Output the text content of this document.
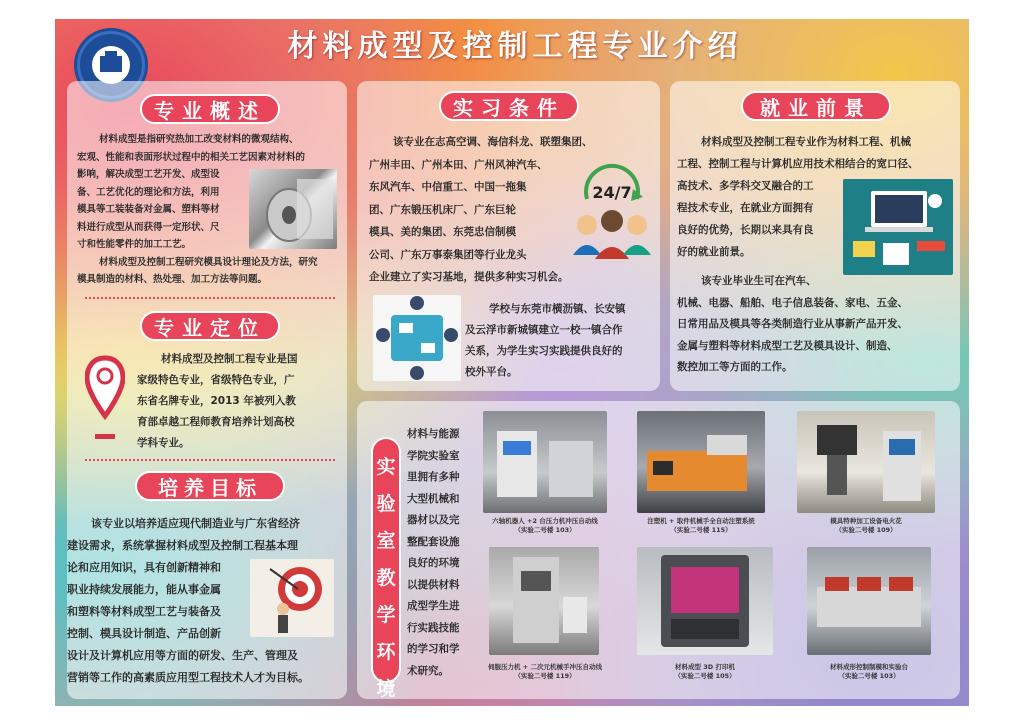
材料成型及控制工程专业介绍
专业概述
材料成型是指研究热加工改变材料的微观结构、
宏观、性能和表面形状过程中的相关工艺因素对材料的
影响，解决成型工艺开发、成型设
备、工艺优化的理论和方法，利用
模具等工装装备对金属、塑料等材
料进行成型从而获得一定形状、尺
寸和性能零件的加工工艺。
材料成型及控制工程研究模具设计理论及方法，研究
模具制造的材料、热处理、加工方法等问题。
专业定位
材料成型及控制工程专业是国
家级特色专业，省级特色专业，广
东省名牌专业，2013 年被列入教
育部卓越工程师教育培养计划高校
学科专业。
培养目标
该专业以培养适应现代制造业与广东省经济
建设需求，系统掌握材料成型及控制工程基本理
论和应用知识，具有创新精神和
职业持续发展能力，能从事金属
和塑料等材料成型工艺与装备及
控制、模具设计制造、产品创新
设计及计算机应用等方面的研发、生产、管理及
营销等工作的高素质应用型工程技术人才为目标。
实习条件
该专业在志高空调、海信科龙、联塑集团、
广州丰田、广州本田、广州风神汽车、
东风汽车、中信重工、中国一拖集
团、广东锻压机床厂、广东巨轮
模具、美的集团、东莞忠信制模
公司、广东万事泰集团等行业龙头
企业建立了实习基地，提供多种实习机会。
24/7
学校与东莞市横沥镇、长安镇
及云浮市新城镇建立一校一镇合作
关系，为学生实习实践提供良好的
校外平台。
就业前景
材料成型及控制工程专业作为材料工程、机械
工程、控制工程与计算机应用技术相结合的宽口径、
高技术、多学科交叉融合的工
程技术专业，在就业方面拥有
良好的优势，长期以来具有良
好的就业前景。
该专业毕业生可在汽车、
机械、电器、船舶、电子信息装备、家电、五金、
日常用品及模具等各类制造行业从事新产品开发、
金属与塑料等材料成型工艺及模具设计、制造、
数控加工等方面的工作。
实
验
室
教
学
环
境
材料与能源
学院实验室
里拥有多种
大型机械和
器材以及完
整配套设施
良好的环境
以提供材料
成型学生进
行实践技能
的学习和学
术研究。
六轴机器人 +2 台压力机冲压自动线
（实验二号楼 103）
注塑机 + 取件机械手全自动注塑系统
（实验二号楼 115）
模具特种加工设备电火花
（实验二号楼 109）
伺服压力机 + 二次元机械手冲压自动线
（实验二号楼 119）
材料成型 3D 打印机
（实验二号楼 105）
材料成形控制制模和实验台
（实验二号楼 103）
